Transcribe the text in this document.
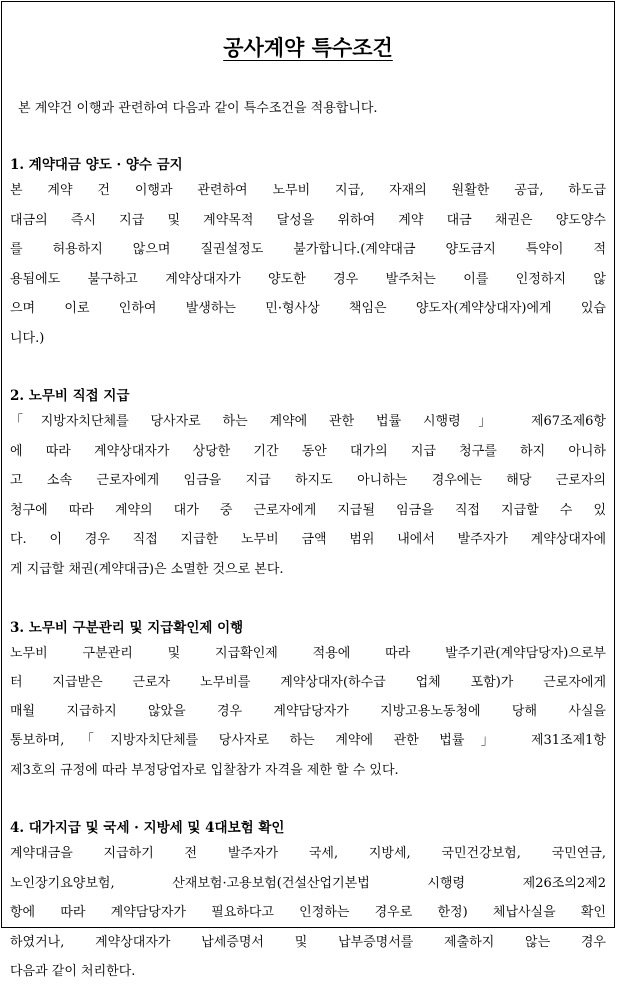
공사계약 특수조건
본 계약건 이행과 관련하여 다음과 같이 특수조건을 적용합니다.
1. 계약대금 양도 · 양수 금지
본 계약 건 이행과 관련하여 노무비 지급, 자재의 원활한 공급, 하도급
대금의 즉시 지급 및 계약목적 달성을 위하여 계약 대금 채권은 양도양수
를 허용하지 않으며 질권설정도 불가합니다.(계약대금 양도금지 특약이 적
용됨에도 불구하고 계약상대자가 양도한 경우 발주처는 이를 인정하지 않
으며 이로 인하여 발생하는 민·형사상 책임은 양도자(계약상대자)에게 있습
니다.)
2. 노무비 직접 지급
「지방자치단체를 당사자로 하는 계약에 관한 법률 시행령」 제67조제6항
에 따라 계약상대자가 상당한 기간 동안 대가의 지급 청구를 하지 아니하
고 소속 근로자에게 임금을 지급 하지도 아니하는 경우에는 해당 근로자의
청구에 따라 계약의 대가 중 근로자에게 지급될 임금을 직접 지급할 수 있
다. 이 경우 직접 지급한 노무비 금액 범위 내에서 발주자가 계약상대자에
게 지급할 채권(계약대금)은 소멸한 것으로 본다.
3. 노무비 구분관리 및 지급확인제 이행
노무비 구분관리 및 지급확인제 적용에 따라 발주기관(계약담당자)으로부
터 지급받은 근로자 노무비를 계약상대자(하수급 업체 포함)가 근로자에게
매월 지급하지 않았을 경우 계약담당자가 지방고용노동청에 당해 사실을
통보하며,「지방자치단체를 당사자로 하는 계약에 관한 법률」 제31조제1항
제3호의 규정에 따라 부정당업자로 입찰참가 자격을 제한 할 수 있다.
4. 대가지급 및 국세 · 지방세 및 4대보험 확인
계약대금을 지급하기 전 발주자가 국세, 지방세, 국민건강보험, 국민연금,
노인장기요양보험, 산재보험·고용보험(건설산업기본법 시행령 제26조의2제2
항에 따라 계약담당자가 필요하다고 인정하는 경우로 한정) 체납사실을 확인
하였거나, 계약상대자가 납세증명서 및 납부증명서를 제출하지 않는 경우
다음과 같이 처리한다.
